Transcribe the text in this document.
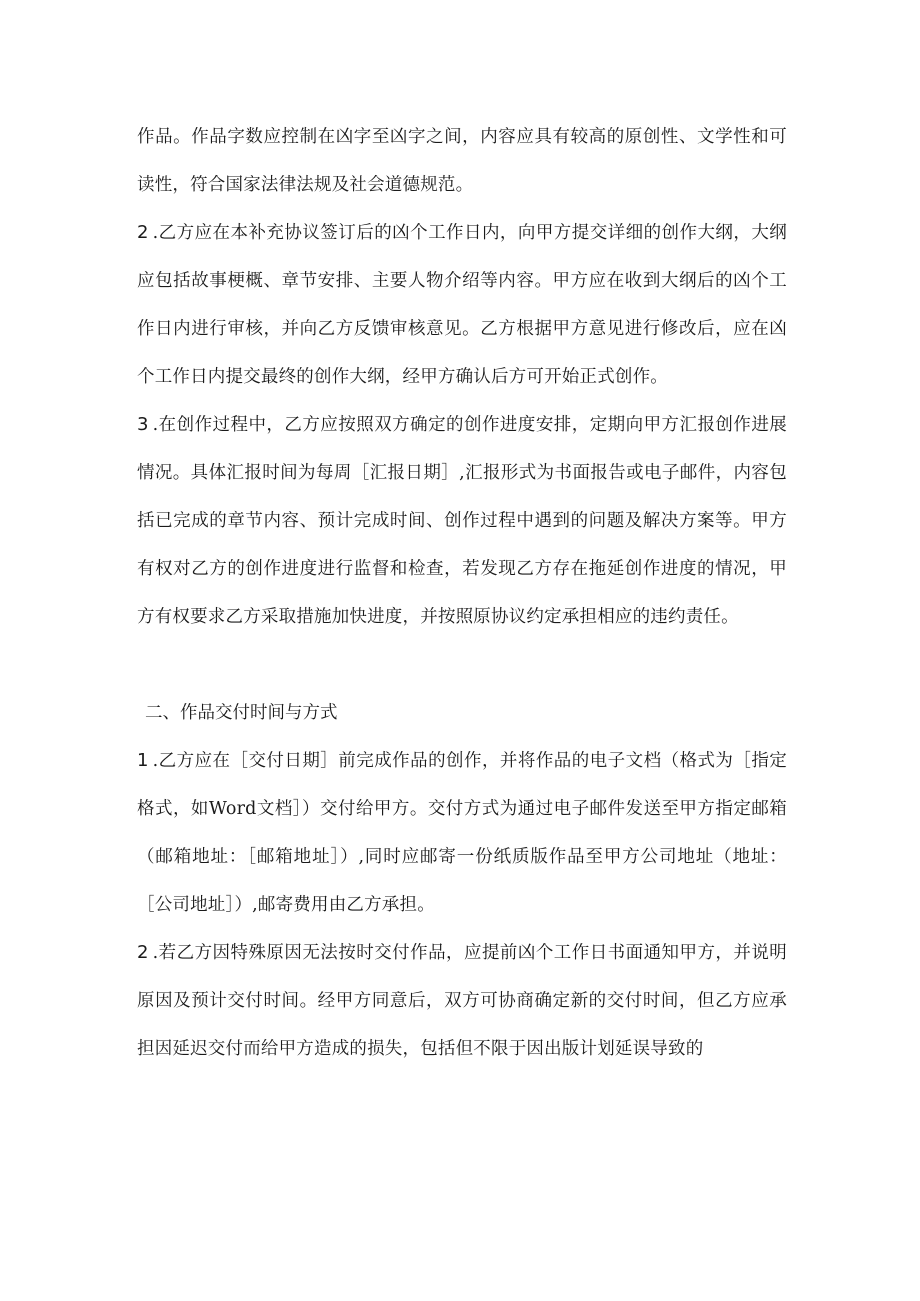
作品。作品字数应控制在凶字至凶字之间，内容应具有较高的原创性、文学性和可读性，符合国家法律法规及社会道德规范。

2 .乙方应在本补充协议签订后的凶个工作日内，向甲方提交详细的创作大纲，大纲应包括故事梗概、章节安排、主要人物介绍等内容。甲方应在收到大纲后的凶个工作日内进行审核，并向乙方反馈审核意见。乙方根据甲方意见进行修改后，应在凶个工作日内提交最终的创作大纲，经甲方确认后方可开始正式创作。

3 .在创作过程中，乙方应按照双方确定的创作进度安排，定期向甲方汇报创作进展情况。具体汇报时间为每周［汇报日期］,汇报形式为书面报告或电子邮件，内容包括已完成的章节内容、预计完成时间、创作过程中遇到的问题及解决方案等。甲方有权对乙方的创作进度进行监督和检查，若发现乙方存在拖延创作进度的情况，甲方有权要求乙方采取措施加快进度，并按照原协议约定承担相应的违约责任。

二、作品交付时间与方式

1 .乙方应在［交付日期］前完成作品的创作，并将作品的电子文档（格式为［指定格式，如Word文档］）交付给甲方。交付方式为通过电子邮件发送至甲方指定邮箱（邮箱地址：［邮箱地址］）,同时应邮寄一份纸质版作品至甲方公司地址（地址：［公司地址］）,邮寄费用由乙方承担。

2 .若乙方因特殊原因无法按时交付作品，应提前凶个工作日书面通知甲方，并说明原因及预计交付时间。经甲方同意后，双方可协商确定新的交付时间，但乙方应承担因延迟交付而给甲方造成的损失，包括但不限于因出版计划延误导致的
